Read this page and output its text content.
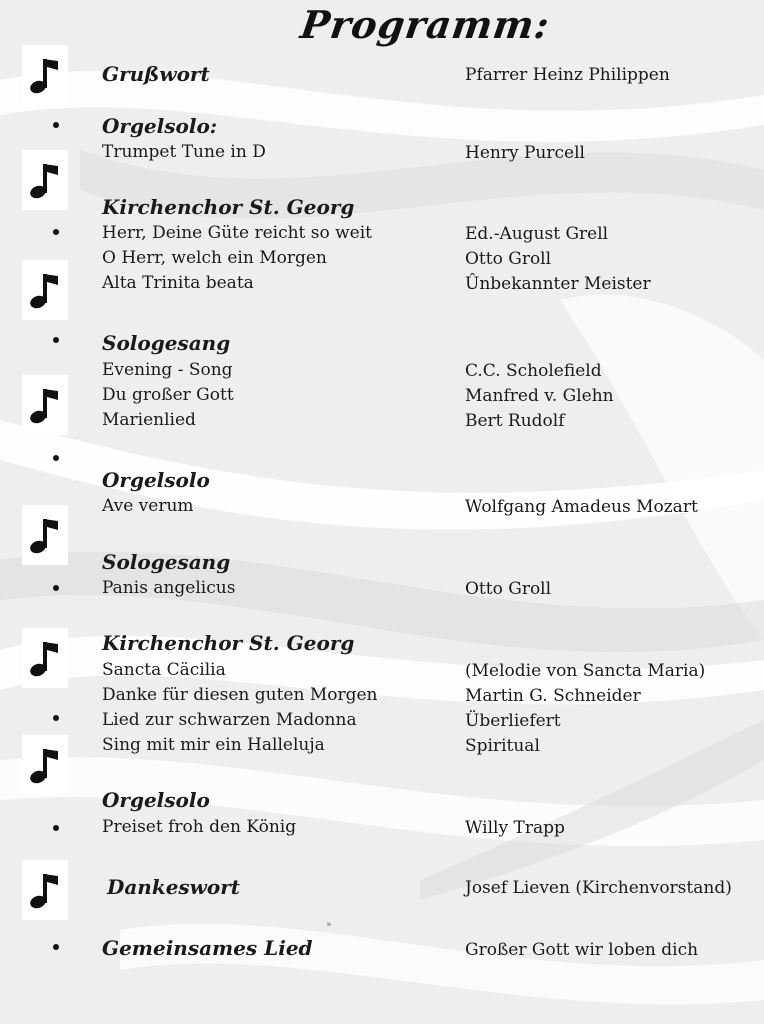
Programm:
Grußwort	Pfarrer Heinz Philippen
Orgelsolo:
Trumpet Tune in D	Henry Purcell
Kirchenchor St. Georg
Herr, Deine Güte reicht so weit	Ed.-August Grell
O Herr, welch ein Morgen	Otto Groll
Alta Trinita beata	Ûnbekannter Meister
Sologesang
Evening - Song	C.C. Scholefield
Du großer Gott	Manfred v. Glehn
Marienlied	Bert Rudolf
Orgelsolo
Ave verum	Wolfgang Amadeus Mozart
Sologesang
Panis angelicus	Otto Groll
Kirchenchor St. Georg
Sancta Cäcilia	(Melodie von Sancta Maria)
Danke für diesen guten Morgen	Martin G. Schneider
Lied zur schwarzen Madonna	Überliefert
Sing mit mir ein Halleluja	Spiritual
Orgelsolo
Preiset froh den König	Willy Trapp
Dankeswort	Josef Lieven (Kirchenvorstand)
Gemeinsames Lied	Großer Gott wir loben dich
»
